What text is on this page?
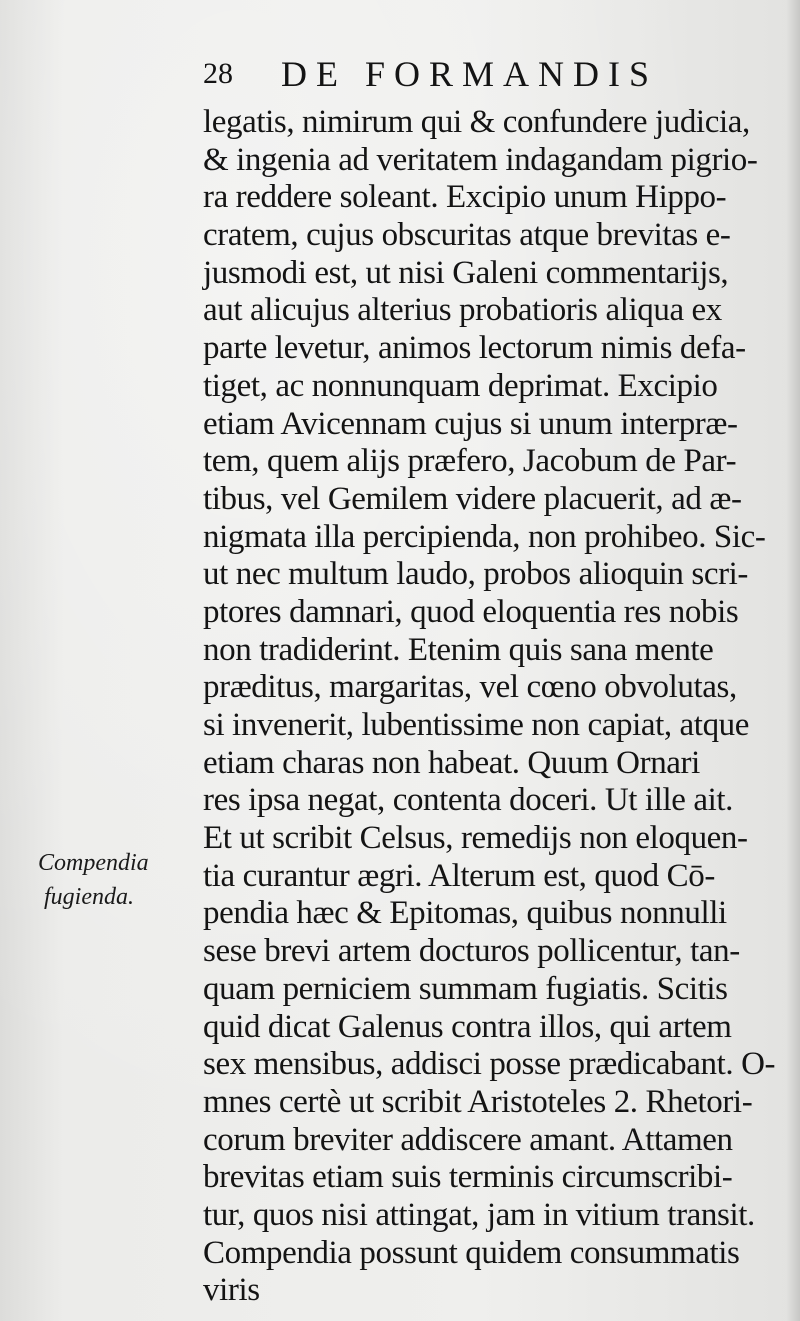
28 DE FORMANDIS
Compendia
fugienda.
legatis, nimirum qui & confundere judicia,
& ingenia ad veritatem indagandam pigrio-
ra reddere soleant. Excipio unum Hippo-
cratem, cujus obscuritas atque brevitas e-
jusmodi est, ut nisi Galeni commentarijs,
aut alicujus alterius probatioris aliqua ex
parte levetur, animos lectorum nimis defa-
tiget, ac nonnunquam deprimat. Excipio
etiam Avicennam cujus si unum interpræ-
tem, quem alijs præfero, Jacobum de Par-
tibus, vel Gemilem videre placuerit, ad æ-
nigmata illa percipienda, non prohibeo. Sic-
ut nec multum laudo, probos alioquin scri-
ptores damnari, quod eloquentia res nobis
non tradiderint. Etenim quis sana mente
præditus, margaritas, vel cœno obvolutas,
si invenerit, lubentissime non capiat, atque
etiam charas non habeat. Quum Ornari
res ipsa negat, contenta doceri. Ut ille ait.
Et ut scribit Celsus, remedijs non eloquen-
tia curantur ægri. Alterum est, quod Cō-
pendia hæc & Epitomas, quibus nonnulli
sese brevi artem docturos pollicentur, tan-
quam perniciem summam fugiatis. Scitis
quid dicat Galenus contra illos, qui artem
sex mensibus, addisci posse prædicabant. O-
mnes certè ut scribit Aristoteles 2. Rhetori-
corum breviter addiscere amant. Attamen
brevitas etiam suis terminis circumscribi-
tur, quos nisi attingat, jam in vitium transit.
Compendia possunt quidem consummatis
viris
